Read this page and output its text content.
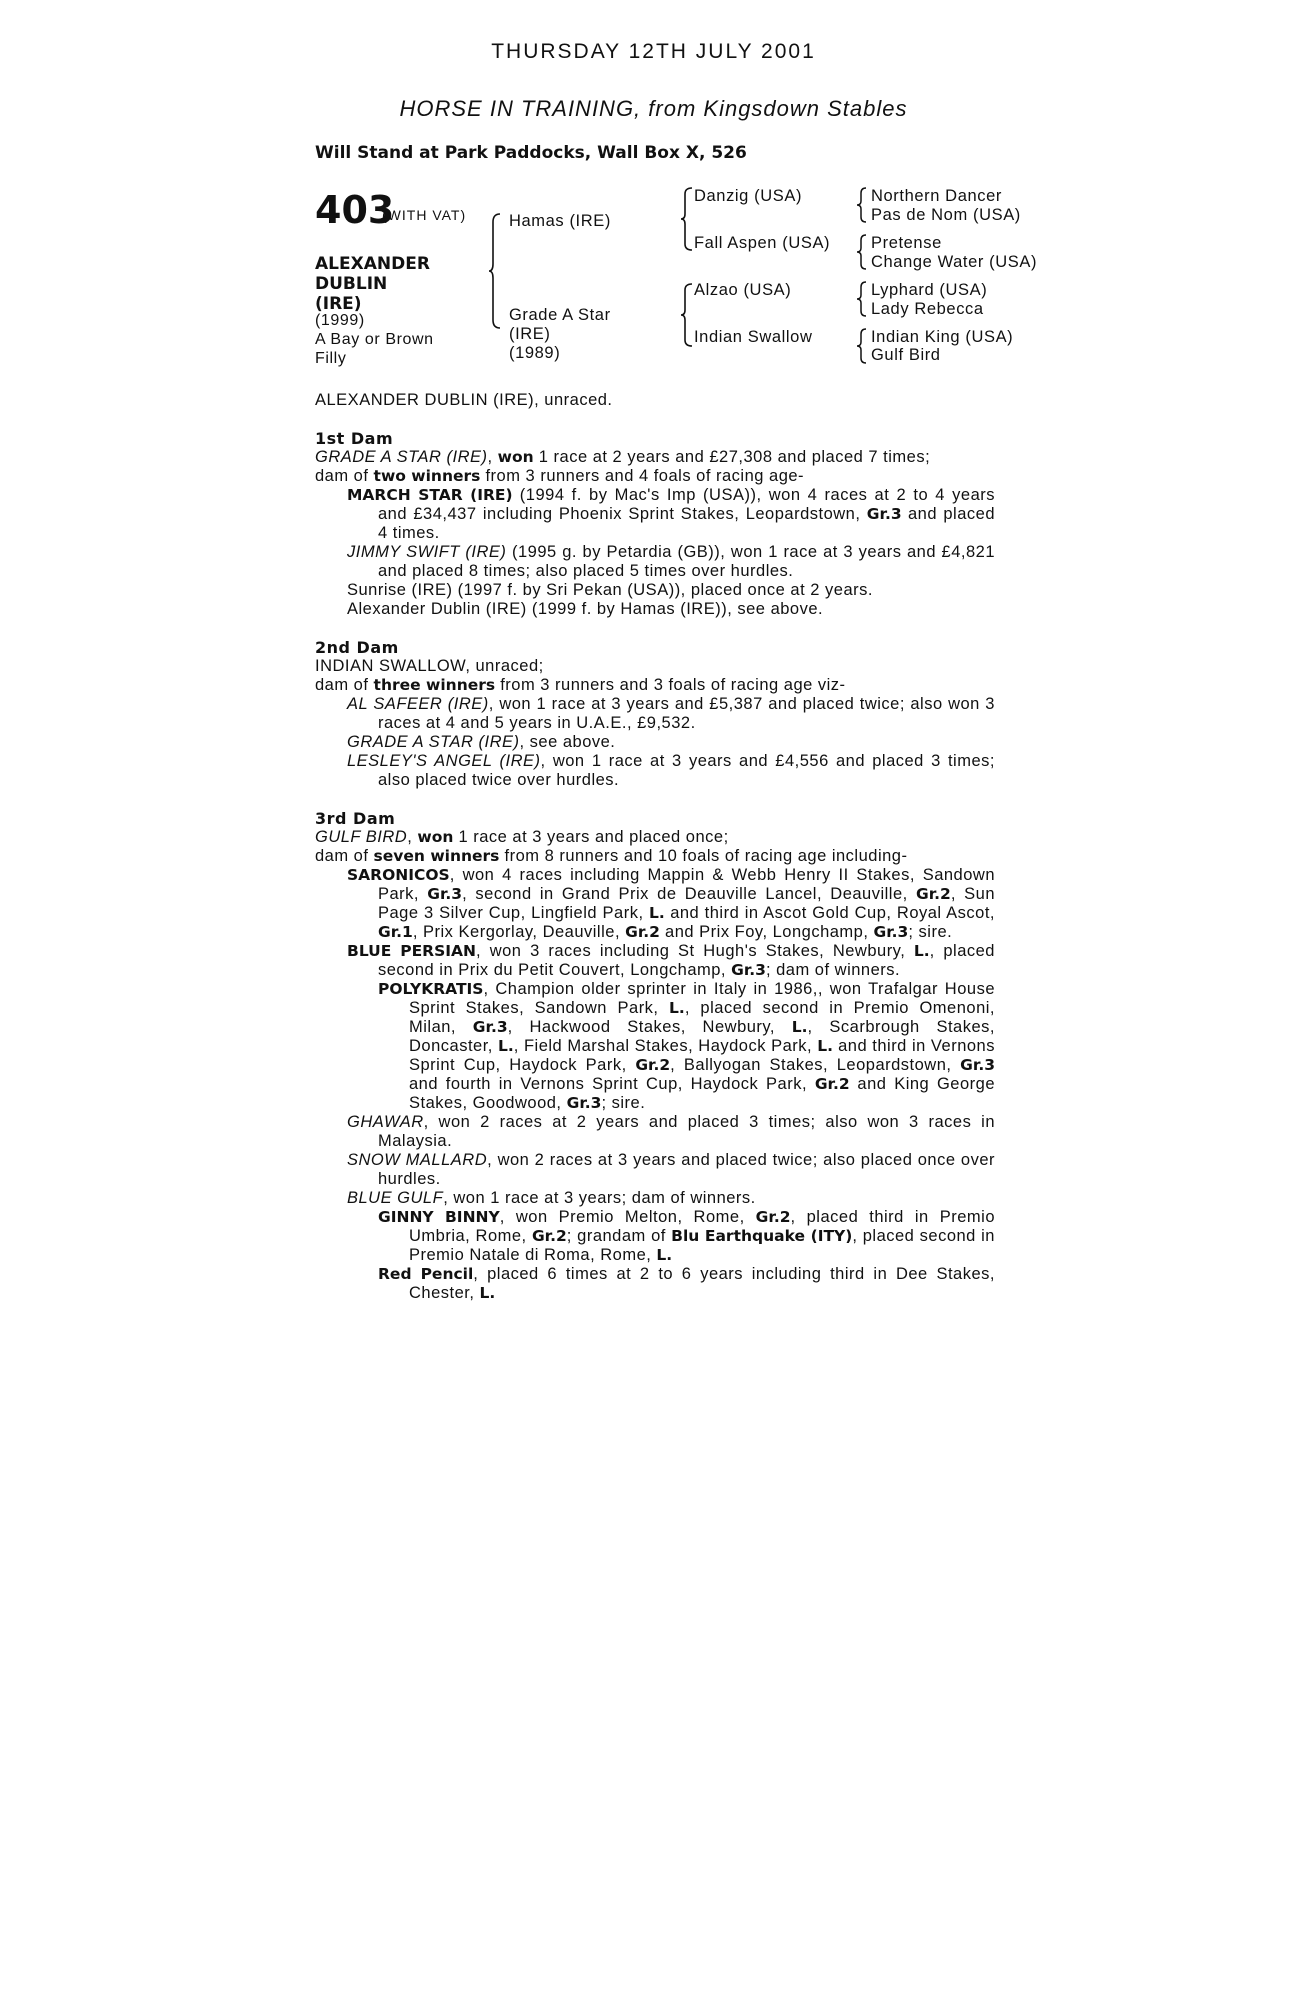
THURSDAY 12TH JULY 2001
HORSE IN TRAINING, from Kingsdown Stables
Will Stand at Park Paddocks, Wall Box X, 526
403
(WITH VAT)
ALEXANDER
DUBLIN
(IRE)
(1999)
A Bay or Brown
Filly
Hamas (IRE)
Grade A Star
(IRE)
(1989)
Danzig (USA)
Fall Aspen (USA)
Alzao (USA)
Indian Swallow
Northern Dancer
Pas de Nom (USA)
Pretense
Change Water (USA)
Lyphard (USA)
Lady Rebecca
Indian King (USA)
Gulf Bird

ALEXANDER DUBLIN (IRE), unraced.

1st Dam

GRADE A STAR (IRE), won 1 race at 2 years and £27,308 and placed 7 times;

dam of two winners from 3 runners and 4 foals of racing age-

MARCH STAR (IRE) (1994 f. by Mac's Imp (USA)), won 4 races at 2 to 4 years and £34,437 including Phoenix Sprint Stakes, Leopardstown, Gr.3 and placed 4 times.

JIMMY SWIFT (IRE) (1995 g. by Petardia (GB)), won 1 race at 3 years and £4,821 and placed 8 times; also placed 5 times over hurdles.

Sunrise (IRE) (1997 f. by Sri Pekan (USA)), placed once at 2 years.

Alexander Dublin (IRE) (1999 f. by Hamas (IRE)), see above.

2nd Dam

INDIAN SWALLOW, unraced;

dam of three winners from 3 runners and 3 foals of racing age viz-

AL SAFEER (IRE), won 1 race at 3 years and £5,387 and placed twice; also won 3 races at 4 and 5 years in U.A.E., £9,532.

GRADE A STAR (IRE), see above.

LESLEY'S ANGEL (IRE), won 1 race at 3 years and £4,556 and placed 3 times; also placed twice over hurdles.

3rd Dam

GULF BIRD, won 1 race at 3 years and placed once;

dam of seven winners from 8 runners and 10 foals of racing age including-

SARONICOS, won 4 races including Mappin & Webb Henry II Stakes, Sandown Park, Gr.3, second in Grand Prix de Deauville Lancel, Deauville, Gr.2, Sun Page 3 Silver Cup, Lingfield Park, L. and third in Ascot Gold Cup, Royal Ascot, Gr.1, Prix Kergorlay, Deauville, Gr.2 and Prix Foy, Longchamp, Gr.3; sire.

BLUE PERSIAN, won 3 races including St Hugh's Stakes, Newbury, L., placed second in Prix du Petit Couvert, Longchamp, Gr.3; dam of winners.

POLYKRATIS, Champion older sprinter in Italy in 1986,, won Trafalgar House Sprint Stakes, Sandown Park, L., placed second in Premio Omenoni, Milan, Gr.3, Hackwood Stakes, Newbury, L., Scarbrough Stakes, Doncaster, L., Field Marshal Stakes, Haydock Park, L. and third in Vernons Sprint Cup, Haydock Park, Gr.2, Ballyogan Stakes, Leopardstown, Gr.3 and fourth in Vernons Sprint Cup, Haydock Park, Gr.2 and King George Stakes, Goodwood, Gr.3; sire.

GHAWAR, won 2 races at 2 years and placed 3 times; also won 3 races in Malaysia.

SNOW MALLARD, won 2 races at 3 years and placed twice; also placed once over hurdles.

BLUE GULF, won 1 race at 3 years; dam of winners.

GINNY BINNY, won Premio Melton, Rome, Gr.2, placed third in Premio Umbria, Rome, Gr.2; grandam of Blu Earthquake (ITY), placed second in Premio Natale di Roma, Rome, L.

Red Pencil, placed 6 times at 2 to 6 years including third in Dee Stakes, Chester, L.
